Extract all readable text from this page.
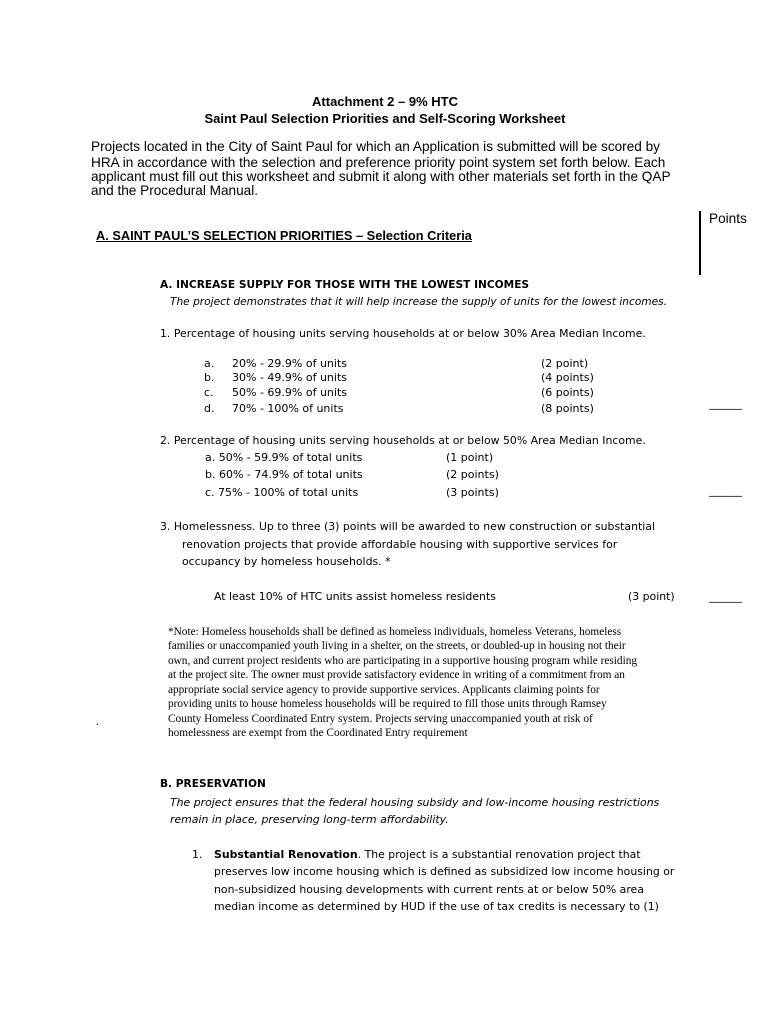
Attachment 2 – 9% HTC
Saint Paul Selection Priorities and Self-Scoring Worksheet
Projects located in the City of Saint Paul for which an Application is submitted will be scored by
HRA in accordance with the selection and preference priority point system set forth below. Each
applicant must fill out this worksheet and submit it along with other materials set forth in the QAP
and the Procedural Manual.
Points
A. SAINT PAUL’S SELECTION PRIORITIES – Selection Criteria
A. INCREASE SUPPLY FOR THOSE WITH THE LOWEST INCOMES
The project demonstrates that it will help increase the supply of units for the lowest incomes.
1. Percentage of housing units serving households at or below 30% Area Median Income.
a. 20% - 29.9% of units	(2 point)
b. 30% - 49.9% of units	(4 points)
c. 50% - 69.9% of units	(6 points)
d. 70% - 100% of units	(8 points)	______
2. Percentage of housing units serving households at or below 50% Area Median Income.
a. 50% - 59.9% of total units	(1 point)
b. 60% - 74.9% of total units	(2 points)
c. 75% - 100% of total units	(3 points)	______
3. Homelessness. Up to three (3) points will be awarded to new construction or substantial
renovation projects that provide affordable housing with supportive services for
occupancy by homeless households. *
At least 10% of HTC units assist homeless residents	(3 point)	______
*Note: Homeless households shall be defined as homeless individuals, homeless Veterans, homeless
families or unaccompanied youth living in a shelter, on the streets, or doubled-up in housing not their
own, and current project residents who are participating in a supportive housing program while residing
at the project site. The owner must provide satisfactory evidence in writing of a commitment from an
appropriate social service agency to provide supportive services. Applicants claiming points for
providing units to house homeless households will be required to fill those units through Ramsey
County Homeless Coordinated Entry system. Projects serving unaccompanied youth at risk of
homelessness are exempt from the Coordinated Entry requirement
.
B. PRESERVATION
The project ensures that the federal housing subsidy and low-income housing restrictions
remain in place, preserving long-term affordability.
1. Substantial Renovation. The project is a substantial renovation project that
preserves low income housing which is defined as subsidized low income housing or
non-subsidized housing developments with current rents at or below 50% area
median income as determined by HUD if the use of tax credits is necessary to (1)
